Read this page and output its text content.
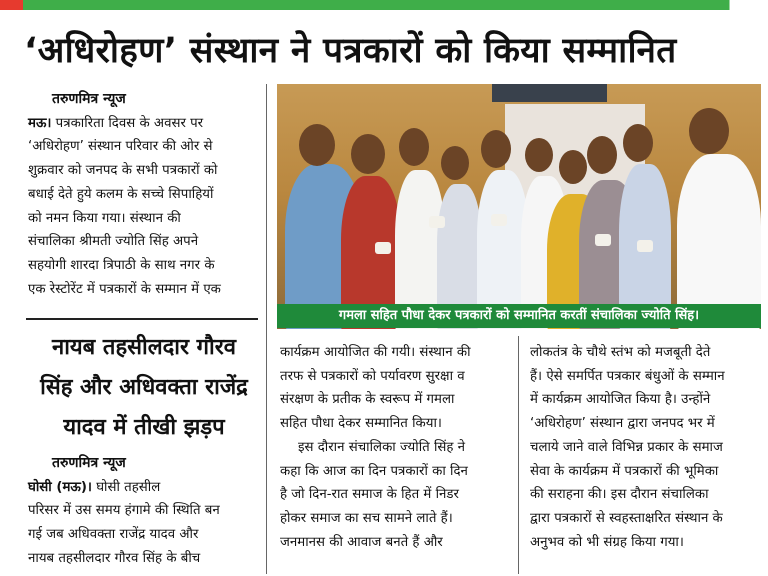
‘अधिरोहण’ संस्थान ने पत्रकारों को किया सम्मानित

तरुणमित्र न्यूज

मऊ। पत्रकारिता दिवस के अवसर पर

‘अधिरोहण’ संस्थान परिवार की ओर से

शुक्रवार को जनपद के सभी पत्रकारों को

बधाई देते हुये कलम के सच्चे सिपाहियों

को नमन किया गया। संस्थान की

संचालिका श्रीमती ज्योति सिंह अपने

सहयोगी शारदा त्रिपाठी के साथ नगर के

एक रेस्टोरेंट में पत्रकारों के सम्मान में एक

नायब तहसीलदार गौरव
सिंह और अधिवक्ता राजेंद्र
यादव में तीखी झड़प

तरुणमित्र न्यूज

घोसी (मऊ)। घोसी तहसील

परिसर में उस समय हंगामे की स्थिति बन

गई जब अधिवक्ता राजेंद्र यादव और

नायब तहसीलदार गौरव सिंह के बीच

गमला सहित पौधा देकर पत्रकारों को सम्मानित करतीं संचालिका ज्योति सिंह।

कार्यक्रम आयोजित की गयी। संस्थान की

तरफ से पत्रकारों को पर्यावरण सुरक्षा व

संरक्षण के प्रतीक के स्वरूप में गमला

सहित पौधा देकर सम्मानित किया।

इस दौरान संचालिका ज्योति सिंह ने

कहा कि आज का दिन पत्रकारों का दिन

है जो दिन-रात समाज के हित में निडर

होकर समाज का सच सामने लाते हैं।

जनमानस की आवाज बनते हैं और

लोकतंत्र के चौथे स्तंभ को मजबूती देते

हैं। ऐसे समर्पित पत्रकार बंधुओं के सम्मान

में कार्यक्रम आयोजित किया है। उन्होंने

‘अधिरोहण’ संस्थान द्वारा जनपद भर में

चलाये जाने वाले विभिन्न प्रकार के समाज

सेवा के कार्यक्रम में पत्रकारों की भूमिका

की सराहना की। इस दौरान संचालिका

द्वारा पत्रकारों से स्वहस्ताक्षरित संस्थान के

अनुभव को भी संग्रह किया गया।
